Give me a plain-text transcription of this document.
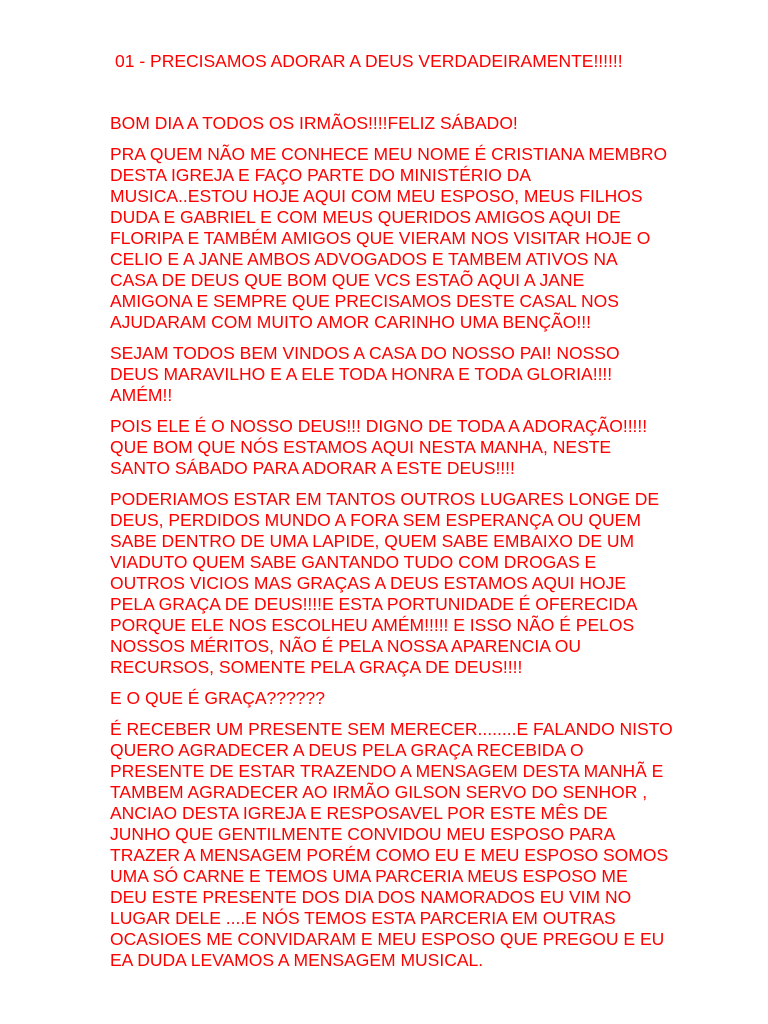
01 - PRECISAMOS ADORAR A DEUS VERDADEIRAMENTE!!!!!!

BOM DIA A TODOS OS IRMÃOS!!!!FELIZ SÁBADO!

PRA QUEM NÃO ME CONHECE MEU NOME É CRISTIANA MEMBRO
DESTA IGREJA E FAÇO PARTE DO MINISTÉRIO DA
MUSICA..ESTOU HOJE AQUI COM MEU ESPOSO, MEUS FILHOS
DUDA E GABRIEL E COM MEUS QUERIDOS AMIGOS AQUI DE
FLORIPA E TAMBÉM AMIGOS QUE VIERAM NOS VISITAR HOJE O
CELIO E A JANE AMBOS ADVOGADOS E TAMBEM ATIVOS NA
CASA DE DEUS QUE BOM QUE VCS ESTAÕ AQUI A JANE
AMIGONA E SEMPRE QUE PRECISAMOS DESTE CASAL NOS
AJUDARAM COM MUITO AMOR CARINHO UMA BENÇÃO!!!

SEJAM TODOS BEM VINDOS A CASA DO NOSSO PAI! NOSSO
DEUS MARAVILHO E A ELE TODA HONRA E TODA GLORIA!!!!
AMÉM!!

POIS ELE É O NOSSO DEUS!!! DIGNO DE TODA A ADORAÇÃO!!!!!
QUE BOM QUE NÓS ESTAMOS AQUI NESTA MANHA, NESTE
SANTO SÁBADO PARA ADORAR A ESTE DEUS!!!!

PODERIAMOS ESTAR EM TANTOS OUTROS LUGARES LONGE DE
DEUS, PERDIDOS MUNDO A FORA SEM ESPERANÇA OU QUEM
SABE DENTRO DE UMA LAPIDE, QUEM SABE EMBAIXO DE UM
VIADUTO QUEM SABE GANTANDO TUDO COM DROGAS E
OUTROS VICIOS MAS GRAÇAS A DEUS ESTAMOS AQUI HOJE
PELA GRAÇA DE DEUS!!!!E ESTA PORTUNIDADE É OFERECIDA
PORQUE ELE NOS ESCOLHEU AMÉM!!!!! E ISSO NÃO É PELOS
NOSSOS MÉRITOS, NÃO É PELA NOSSA APARENCIA OU
RECURSOS, SOMENTE PELA GRAÇA DE DEUS!!!!

E O QUE É GRAÇA??????

É RECEBER UM PRESENTE SEM MERECER........E FALANDO NISTO
QUERO AGRADECER A DEUS PELA GRAÇA RECEBIDA O
PRESENTE DE ESTAR TRAZENDO A MENSAGEM DESTA MANHÃ E
TAMBEM AGRADECER AO IRMÃO GILSON SERVO DO SENHOR ,
ANCIAO DESTA IGREJA E RESPOSAVEL POR ESTE MÊS DE
JUNHO QUE GENTILMENTE CONVIDOU MEU ESPOSO PARA
TRAZER A MENSAGEM PORÉM COMO EU E MEU ESPOSO SOMOS
UMA SÓ CARNE E TEMOS UMA PARCERIA MEUS ESPOSO ME
DEU ESTE PRESENTE DOS DIA DOS NAMORADOS EU VIM NO
LUGAR DELE ....E NÓS TEMOS ESTA PARCERIA EM OUTRAS
OCASIOES ME CONVIDARAM E MEU ESPOSO QUE PREGOU E EU
EA DUDA LEVAMOS A MENSAGEM MUSICAL.
